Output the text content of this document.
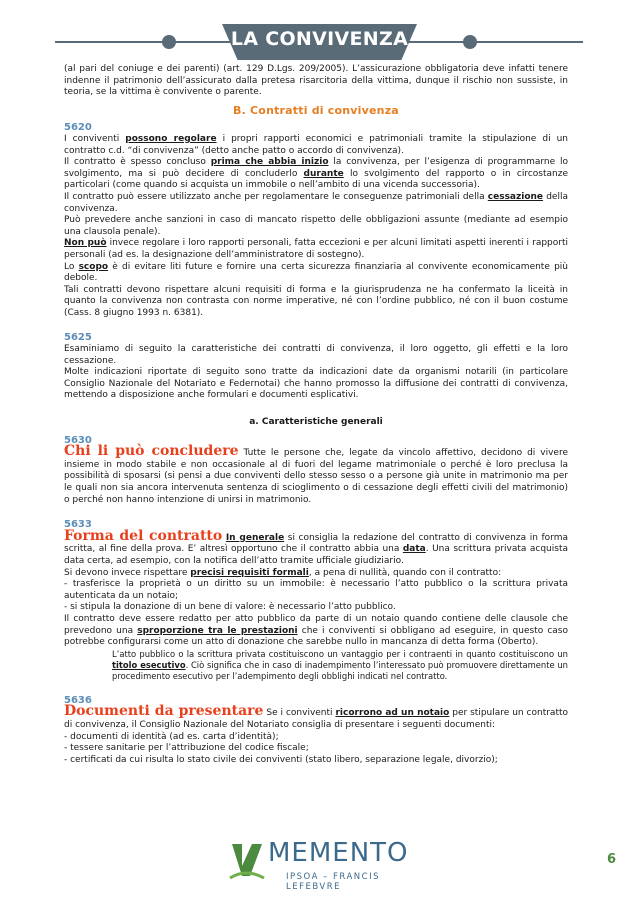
LA CONVIVENZA

(al pari del coniuge e dei parenti) (art. 129 D.Lgs. 209/2005). L’assicurazione obbligatoria deve infatti tenere indenne il patrimonio dell’assicurato dalla pretesa risarcitoria della vittima, dunque il rischio non sussiste, in teoria, se la vittima è convivente o parente.

B. Contratti di convivenza
5620

I conviventi possono regolare i propri rapporti economici e patrimoniali tramite la stipulazione di un contratto c.d. “di convivenza” (detto anche patto o accordo di convivenza).

Il contratto è spesso concluso prima che abbia inizio la convivenza, per l’esigenza di programmarne lo svolgimento, ma si può decidere di concluderlo durante lo svolgimento del rapporto o in circostanze particolari (come quando si acquista un immobile o nell’ambito di una vicenda successoria).

Il contratto può essere utilizzato anche per regolamentare le conseguenze patrimoniali della cessazione della convivenza.

Può prevedere anche sanzioni in caso di mancato rispetto delle obbligazioni assunte (mediante ad esempio una clausola penale).

Non può invece regolare i loro rapporti personali, fatta eccezioni e per alcuni limitati aspetti inerenti i rapporti personali (ad es. la designazione dell’amministratore di sostegno).

Lo scopo è di evitare liti future e fornire una certa sicurezza finanziaria al convivente economicamente più debole.

Tali contratti devono rispettare alcuni requisiti di forma e la giurisprudenza ne ha confermato la liceità in quanto la convivenza non contrasta con norme imperative, né con l’ordine pubblico, né con il buon costume (Cass. 8 giugno 1993 n. 6381).

5625

Esaminiamo di seguito la caratteristiche dei contratti di convivenza, il loro oggetto, gli effetti e la loro cessazione.

Molte indicazioni riportate di seguito sono tratte da indicazioni date da organismi notarili (in particolare Consiglio Nazionale del Notariato e Federnotai) che hanno promosso la diffusione dei contratti di convivenza, mettendo a disposizione anche formulari e documenti esplicativi.

a. Caratteristiche generali
5630

Chi li può concludere Tutte le persone che, legate da vincolo affettivo, decidono di vivere insieme in modo stabile e non occasionale al di fuori del legame matrimoniale o perché è loro preclusa la possibilità di sposarsi (si pensi a due conviventi dello stesso sesso o a persone già unite in matrimonio ma per le quali non sia ancora intervenuta sentenza di scioglimento o di cessazione degli effetti civili del matrimonio) o perché non hanno intenzione di unirsi in matrimonio.

5633

Forma del contratto In generale si consiglia la redazione del contratto di convivenza in forma scritta, al fine della prova. E’ altresì opportuno che il contratto abbia una data. Una scrittura privata acquista data certa, ad esempio, con la notifica dell’atto tramite ufficiale giudiziario.

Si devono invece rispettare precisi requisiti formali, a pena di nullità, quando con il contratto:

- trasferisce la proprietà o un diritto su un immobile: è necessario l’atto pubblico o la scrittura privata autenticata da un notaio;

- si stipula la donazione di un bene di valore: è necessario l’atto pubblico.

Il contratto deve essere redatto per atto pubblico da parte di un notaio quando contiene delle clausole che prevedono una sproporzione tra le prestazioni che i conviventi si obbligano ad eseguire, in questo caso potrebbe configurarsi come un atto di donazione che sarebbe nullo in mancanza di detta forma (Oberto).

L’atto pubblico o la scrittura privata costituiscono un vantaggio per i contraenti in quanto costituiscono un titolo esecutivo. Ciò significa che in caso di inadempimento l’interessato può promuovere direttamente un procedimento esecutivo per l’adempimento degli obblighi indicati nel contratto.

5636

Documenti da presentare Se i conviventi ricorrono ad un notaio per stipulare un contratto di convivenza, il Consiglio Nazionale del Notariato consiglia di presentare i seguenti documenti:

- documenti di identità (ad es. carta d’identità);

- tessere sanitarie per l’attribuzione del codice fiscale;

- certificati da cui risulta lo stato civile dei conviventi (stato libero, separazione legale, divorzio);

MEMENTO
IPSOA – FRANCIS LEFEBVRE
6
